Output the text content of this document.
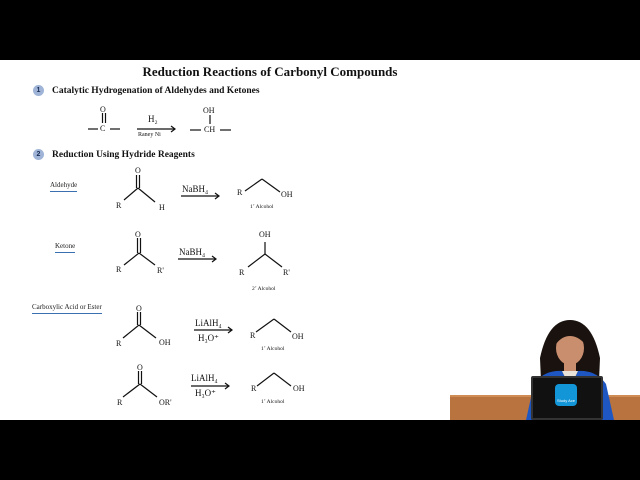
Reduction Reactions of Carbonyl Compounds
1	Catalytic Hydrogenation of Aldehydes and Ketones
2	Reduction Using Hydride Reagents
O
C
H₂
Raney Ni
OH
CH
Aldehyde
O
R	H
NaBH₄	R	OH
1˚ Alcohol
Ketone
O
R	R'
NaBH₄
OH
R	R'
2˚ Alcohol
Carboxylic Acid or Ester	O
R	OH
LiAlH₄
H₃O⁺	R	OH
1˚ Alcohol
O
R	OR'
LiAlH₄
H₃O⁺	R	OH
1˚ Alcohol	Study Ace
